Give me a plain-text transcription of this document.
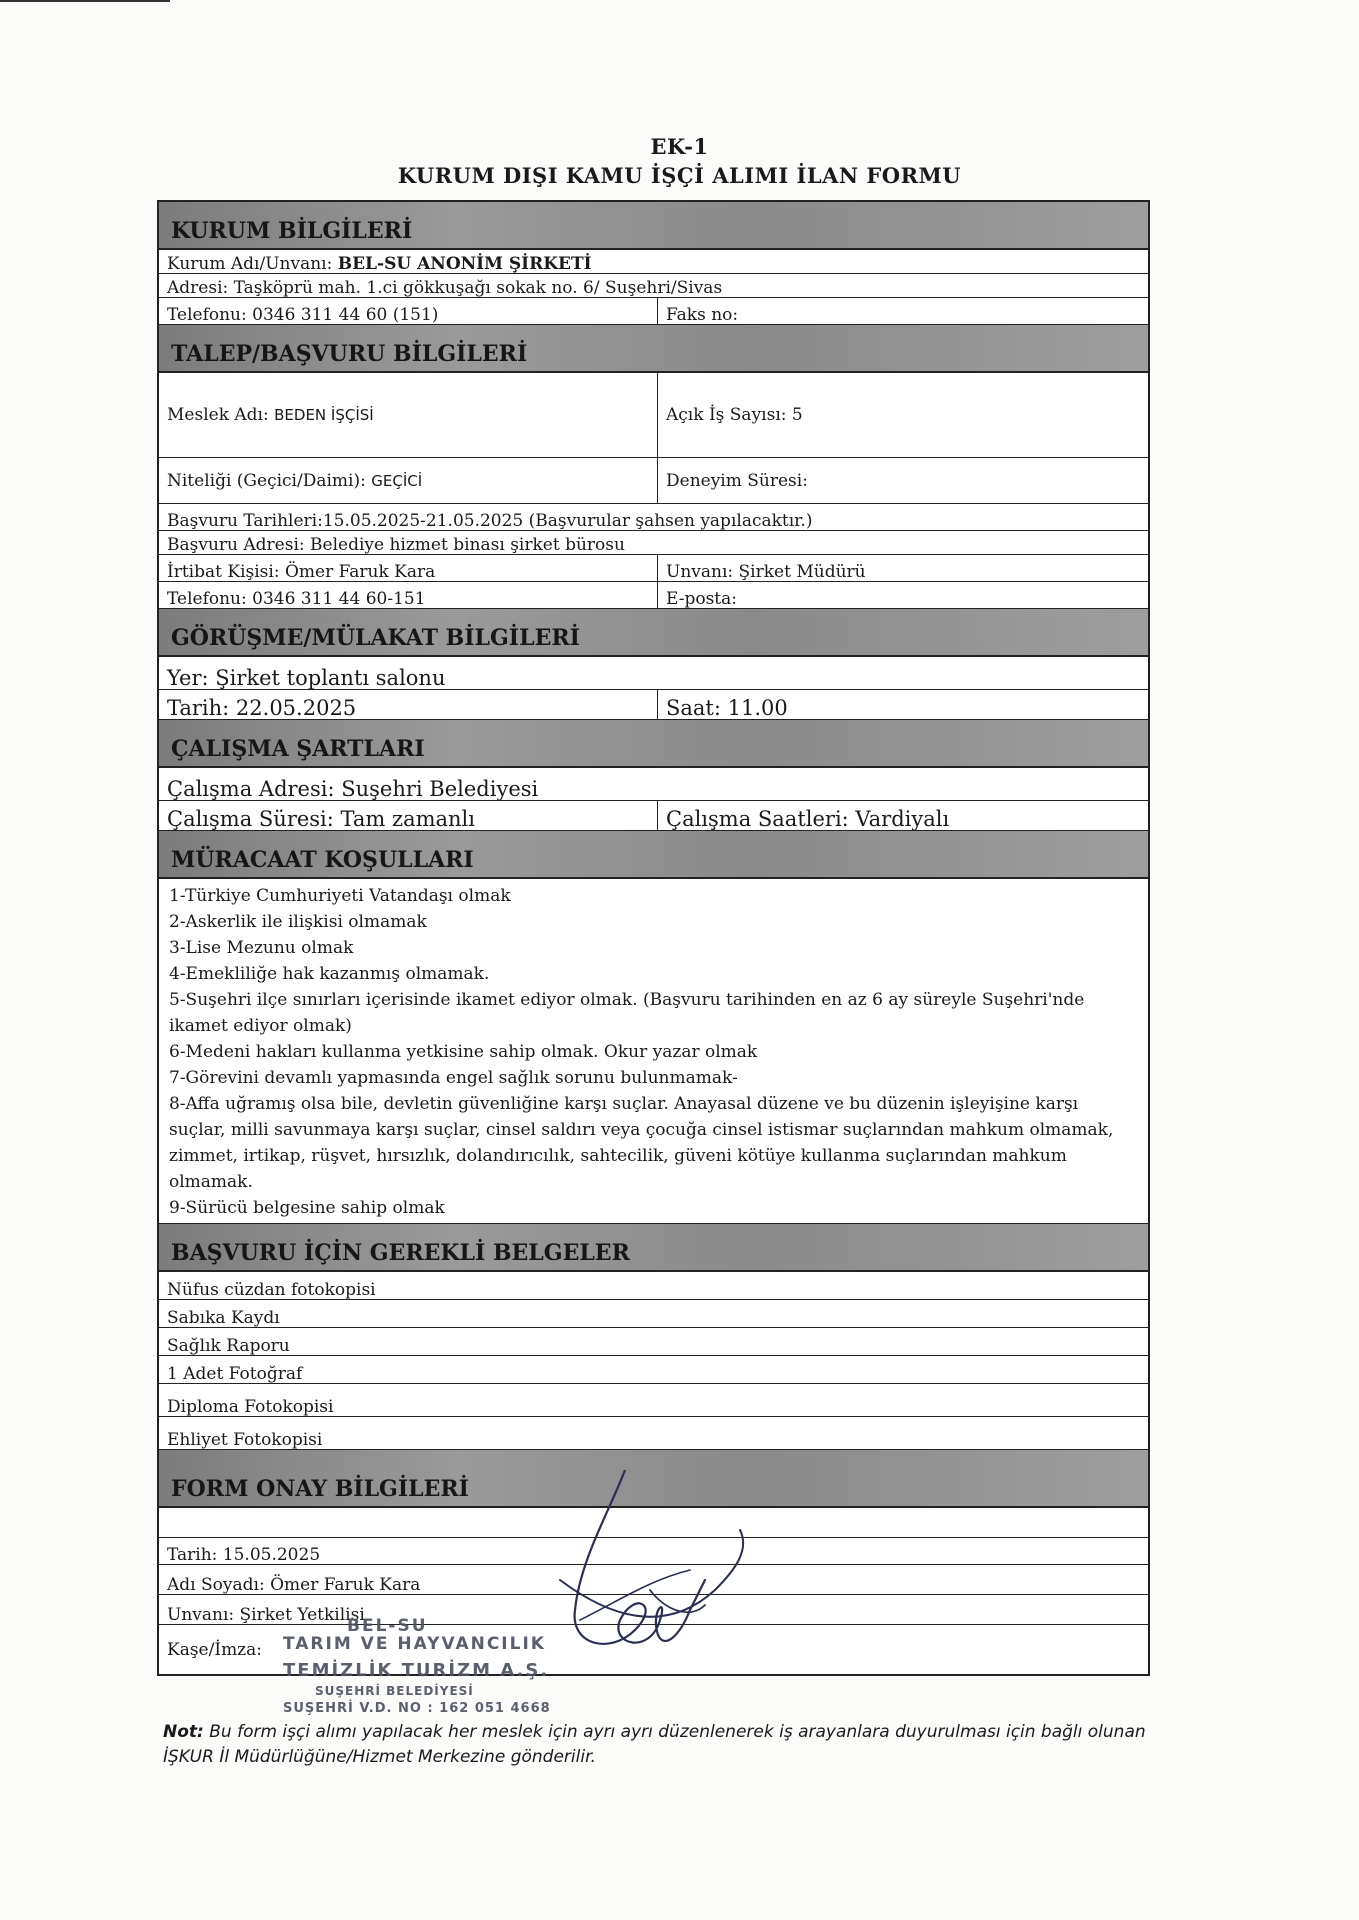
EK-1
KURUM DIŞI KAMU İŞÇİ ALIMI İLAN FORMU
KURUM BİLGİLERİ
Kurum Adı/Unvanı:
BEL-SU ANONİM ŞİRKETİ
Adresi: Taşköprü mah. 1.ci gökkuşağı sokak no. 6/ Suşehri/Sivas
Telefonu: 0346 311 44 60 (151)	Faks no:
TALEP/BAŞVURU BİLGİLERİ
Meslek Adı:
BEDEN İŞÇİSİ	Açık İş Sayısı: 5
Niteliği (Geçici/Daimi):
GEÇİCİ	Deneyim Süresi:
Başvuru Tarihleri:15.05.2025-21.05.2025 (Başvurular şahsen yapılacaktır.)
Başvuru Adresi: Belediye hizmet binası şirket bürosu
İrtibat Kişisi: Ömer Faruk Kara	Unvanı: Şirket Müdürü
Telefonu: 0346 311 44 60-151	E-posta:
GÖRÜŞME/MÜLAKAT BİLGİLERİ
Yer: Şirket toplantı salonu
Tarih: 22.05.2025	Saat: 11.00
ÇALIŞMA ŞARTLARI
Çalışma Adresi: Suşehri Belediyesi
Çalışma Süresi: Tam zamanlı	Çalışma Saatleri: Vardiyalı
MÜRACAAT KOŞULLARI
1-Türkiye Cumhuriyeti Vatandaşı olmak
2-Askerlik ile ilişkisi olmamak
3-Lise Mezunu olmak
4-Emekliliğe hak kazanmış olmamak.
5-Suşehri ilçe sınırları içerisinde ikamet ediyor olmak. (Başvuru tarihinden en az 6 ay süreyle Suşehri'nde ikamet ediyor olmak)
6-Medeni hakları kullanma yetkisine sahip olmak. Okur yazar olmak
7-Görevini devamlı yapmasında engel sağlık sorunu bulunmamak-
8-Affa uğramış olsa bile, devletin güvenliğine karşı suçlar. Anayasal düzene ve bu düzenin işleyişine karşı suçlar, milli savunmaya karşı suçlar, cinsel saldırı veya çocuğa cinsel istismar suçlarından mahkum olmamak, zimmet, irtikap, rüşvet, hırsızlık, dolandırıcılık, sahtecilik, güveni kötüye kullanma suçlarından mahkum olmamak.
9-Sürücü belgesine sahip olmak
BAŞVURU İÇİN GEREKLİ BELGELER
Nüfus cüzdan fotokopisi
Sabıka Kaydı
Sağlık Raporu
1 Adet Fotoğraf
Diploma Fotokopisi
Ehliyet Fotokopisi
FORM ONAY BİLGİLERİ
Tarih: 15.05.2025
Adı Soyadı: Ömer Faruk Kara
Unvanı: Şirket Yetkilisi
Kaşe/İmza:
BEL-SU
TARIM VE HAYVANCILIK
TEMİZLİK TURİZM A.Ş.
SUŞEHRİ BELEDİYESİ
SUŞEHRİ V.D. NO : 162 051 4668
Not: Bu form işçi alımı yapılacak her meslek için ayrı ayrı düzenlenerek iş arayanlara duyurulması için bağlı olunan İŞKUR İl Müdürlüğüne/Hizmet Merkezine gönderilir.
